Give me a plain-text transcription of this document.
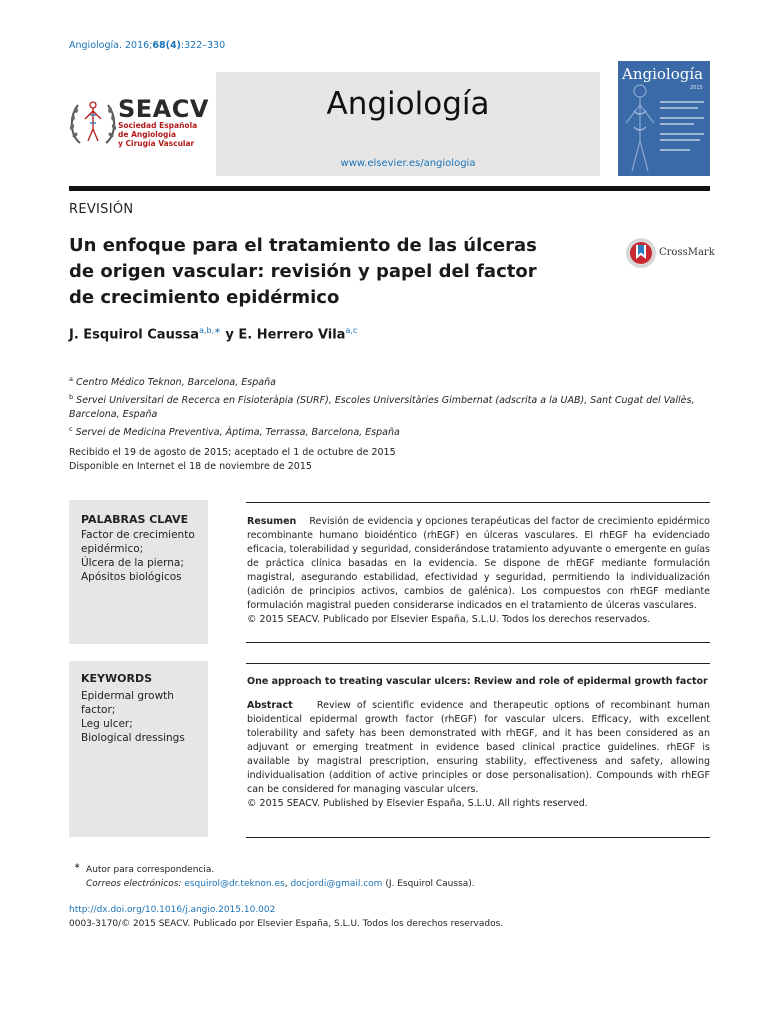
Angiología. 2016;68(4):322–330
SEACV
Sociedad Española
de Angiología
y Cirugía Vascular
Angiología
www.elsevier.es/angiologia
Angiología
2015
REVISIÓN
Un enfoque para el tratamiento de las úlceras
de origen vascular: revisión y papel del factor
de crecimiento epidérmico
CrossMark
J. Esquirol Caussa$^{a,b,∗}$ y E. Herrero Vila$^{a,c}$
$^a$ Centro Médico Teknon, Barcelona, España
$^b$ Servei Universitari de Recerca en Fisioteràpia (SURF), Escoles Universitàries Gimbernat (adscrita a la UAB), Sant Cugat del Vallès, Barcelona, España
$^c$ Servei de Medicina Preventiva, Àptima, Terrassa, Barcelona, España
Recibido el 19 de agosto de 2015; aceptado el 1 de octubre de 2015
Disponible en Internet el 18 de noviembre de 2015
PALABRAS CLAVE
Factor de crecimiento epidérmico;
Úlcera de la pierna;
Apósitos biológicos
KEYWORDS
Epidermal growth factor;
Leg ulcer;
Biological dressings
Resumen Revisión de evidencia y opciones terapéuticas del factor de crecimiento epidérmico recombinante humano bioidéntico (rhEGF) en úlceras vasculares. El rhEGF ha evidenciado eficacia, tolerabilidad y seguridad, considerándose tratamiento adyuvante o emergente en guías de práctica clínica basadas en la evidencia. Se dispone de rhEGF mediante formulación magistral, asegurando estabilidad, efectividad y seguridad, permitiendo la individualización (adición de principios activos, cambios de galénica). Los compuestos con rhEGF mediante formulación magistral pueden considerarse indicados en el tratamiento de úlceras vasculares.
© 2015 SEACV. Publicado por Elsevier España, S.L.U. Todos los derechos reservados.
One approach to treating vascular ulcers: Review and role of epidermal growth factor
Abstract	Review of scientific evidence and therapeutic options of recombinant human bioidentical epidermal growth factor (rhEGF) for vascular ulcers. Efficacy, with excellent tolerability and safety has been demonstrated with rhEGF, and it has been considered as an adjuvant or emerging treatment in evidence based clinical practice guidelines. rhEGF is available by magistral prescription, ensuring stability, effectiveness and safety, allowing individualisation (addition of active principles or dose personalisation). Compounds with rhEGF can be considered for managing vascular ulcers.
© 2015 SEACV. Published by Elsevier España, S.L.U. All rights reserved.
∗ Autor para correspondencia.
Correos electrónicos: esquirol@dr.teknon.es, docjordi@gmail.com (J. Esquirol Caussa).
http://dx.doi.org/10.1016/j.angio.2015.10.002
0003-3170/© 2015 SEACV. Publicado por Elsevier España, S.L.U. Todos los derechos reservados.
